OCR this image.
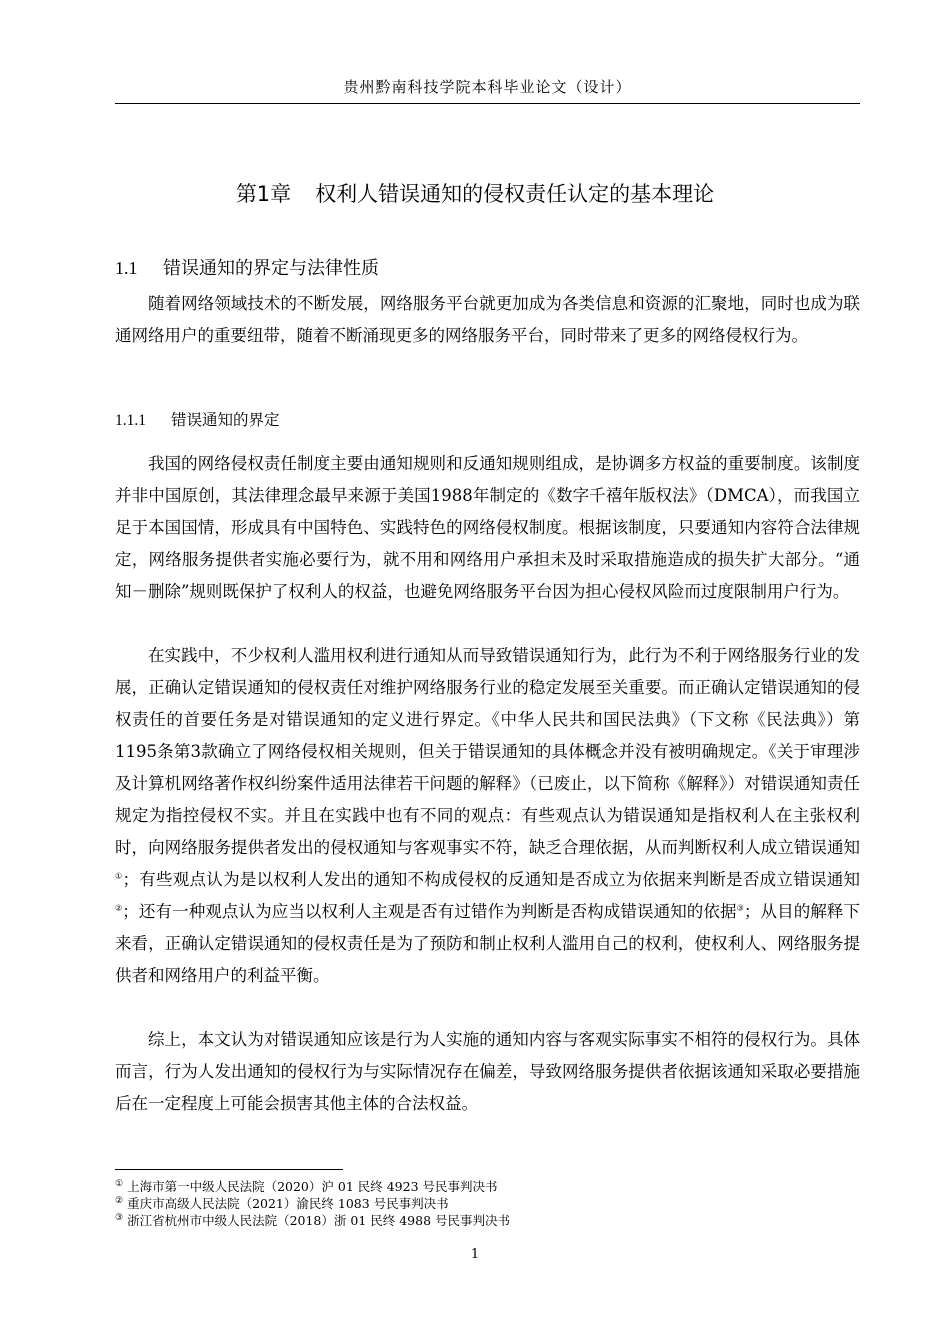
贵州黔南科技学院本科毕业论文（设计）
第1章 权利人错误通知的侵权责任认定的基本理论
1.1 错误通知的界定与法律性质

随着网络领域技术的不断发展，网络服务平台就更加成为各类信息和资源的汇聚地，同时也成为联通网络用户的重要纽带，随着不断涌现更多的网络服务平台，同时带来了更多的网络侵权行为。

1.1.1 错误通知的界定

我国的网络侵权责任制度主要由通知规则和反通知规则组成，是协调多方权益的重要制度。该制度并非中国原创，其法律理念最早来源于美国1988年制定的《数字千禧年版权法》（DMCA），而我国立足于本国国情，形成具有中国特色、实践特色的网络侵权制度。根据该制度，只要通知内容符合法律规定，网络服务提供者实施必要行为，就不用和网络用户承担未及时采取措施造成的损失扩大部分。“通知－删除”规则既保护了权利人的权益，也避免网络服务平台因为担心侵权风险而过度限制用户行为。

在实践中，不少权利人滥用权利进行通知从而导致错误通知行为，此行为不利于网络服务行业的发展，正确认定错误通知的侵权责任对维护网络服务行业的稳定发展至关重要。而正确认定错误通知的侵权责任的首要任务是对错误通知的定义进行界定。《中华人民共和国民法典》（下文称《民法典》）第1195条第3款确立了网络侵权相关规则，但关于错误通知的具体概念并没有被明确规定。《关于审理涉及计算机网络著作权纠纷案件适用法律若干问题的解释》（已废止，以下简称《解释》）对错误通知责任规定为指控侵权不实。并且在实践中也有不同的观点：有些观点认为错误通知是指权利人在主张权利时，向网络服务提供者发出的侵权通知与客观事实不符，缺乏合理依据，从而判断权利人成立错误通知①；有些观点认为是以权利人发出的通知不构成侵权的反通知是否成立为依据来判断是否成立错误通知②；还有一种观点认为应当以权利人主观是否有过错作为判断是否构成错误通知的依据③；从目的解释下来看，正确认定错误通知的侵权责任是为了预防和制止权利人滥用自己的权利，使权利人、网络服务提供者和网络用户的利益平衡。

综上，本文认为对错误通知应该是行为人实施的通知内容与客观实际事实不相符的侵权行为。具体而言，行为人发出通知的侵权行为与实际情况存在偏差，导致网络服务提供者依据该通知采取必要措施后在一定程度上可能会损害其他主体的合法权益。

① 上海市第一中级人民法院（2020）沪 01 民终 4923 号民事判决书
② 重庆市高级人民法院（2021）渝民终 1083 号民事判决书
③ 浙江省杭州市中级人民法院（2018）浙 01 民终 4988 号民事判决书
1
